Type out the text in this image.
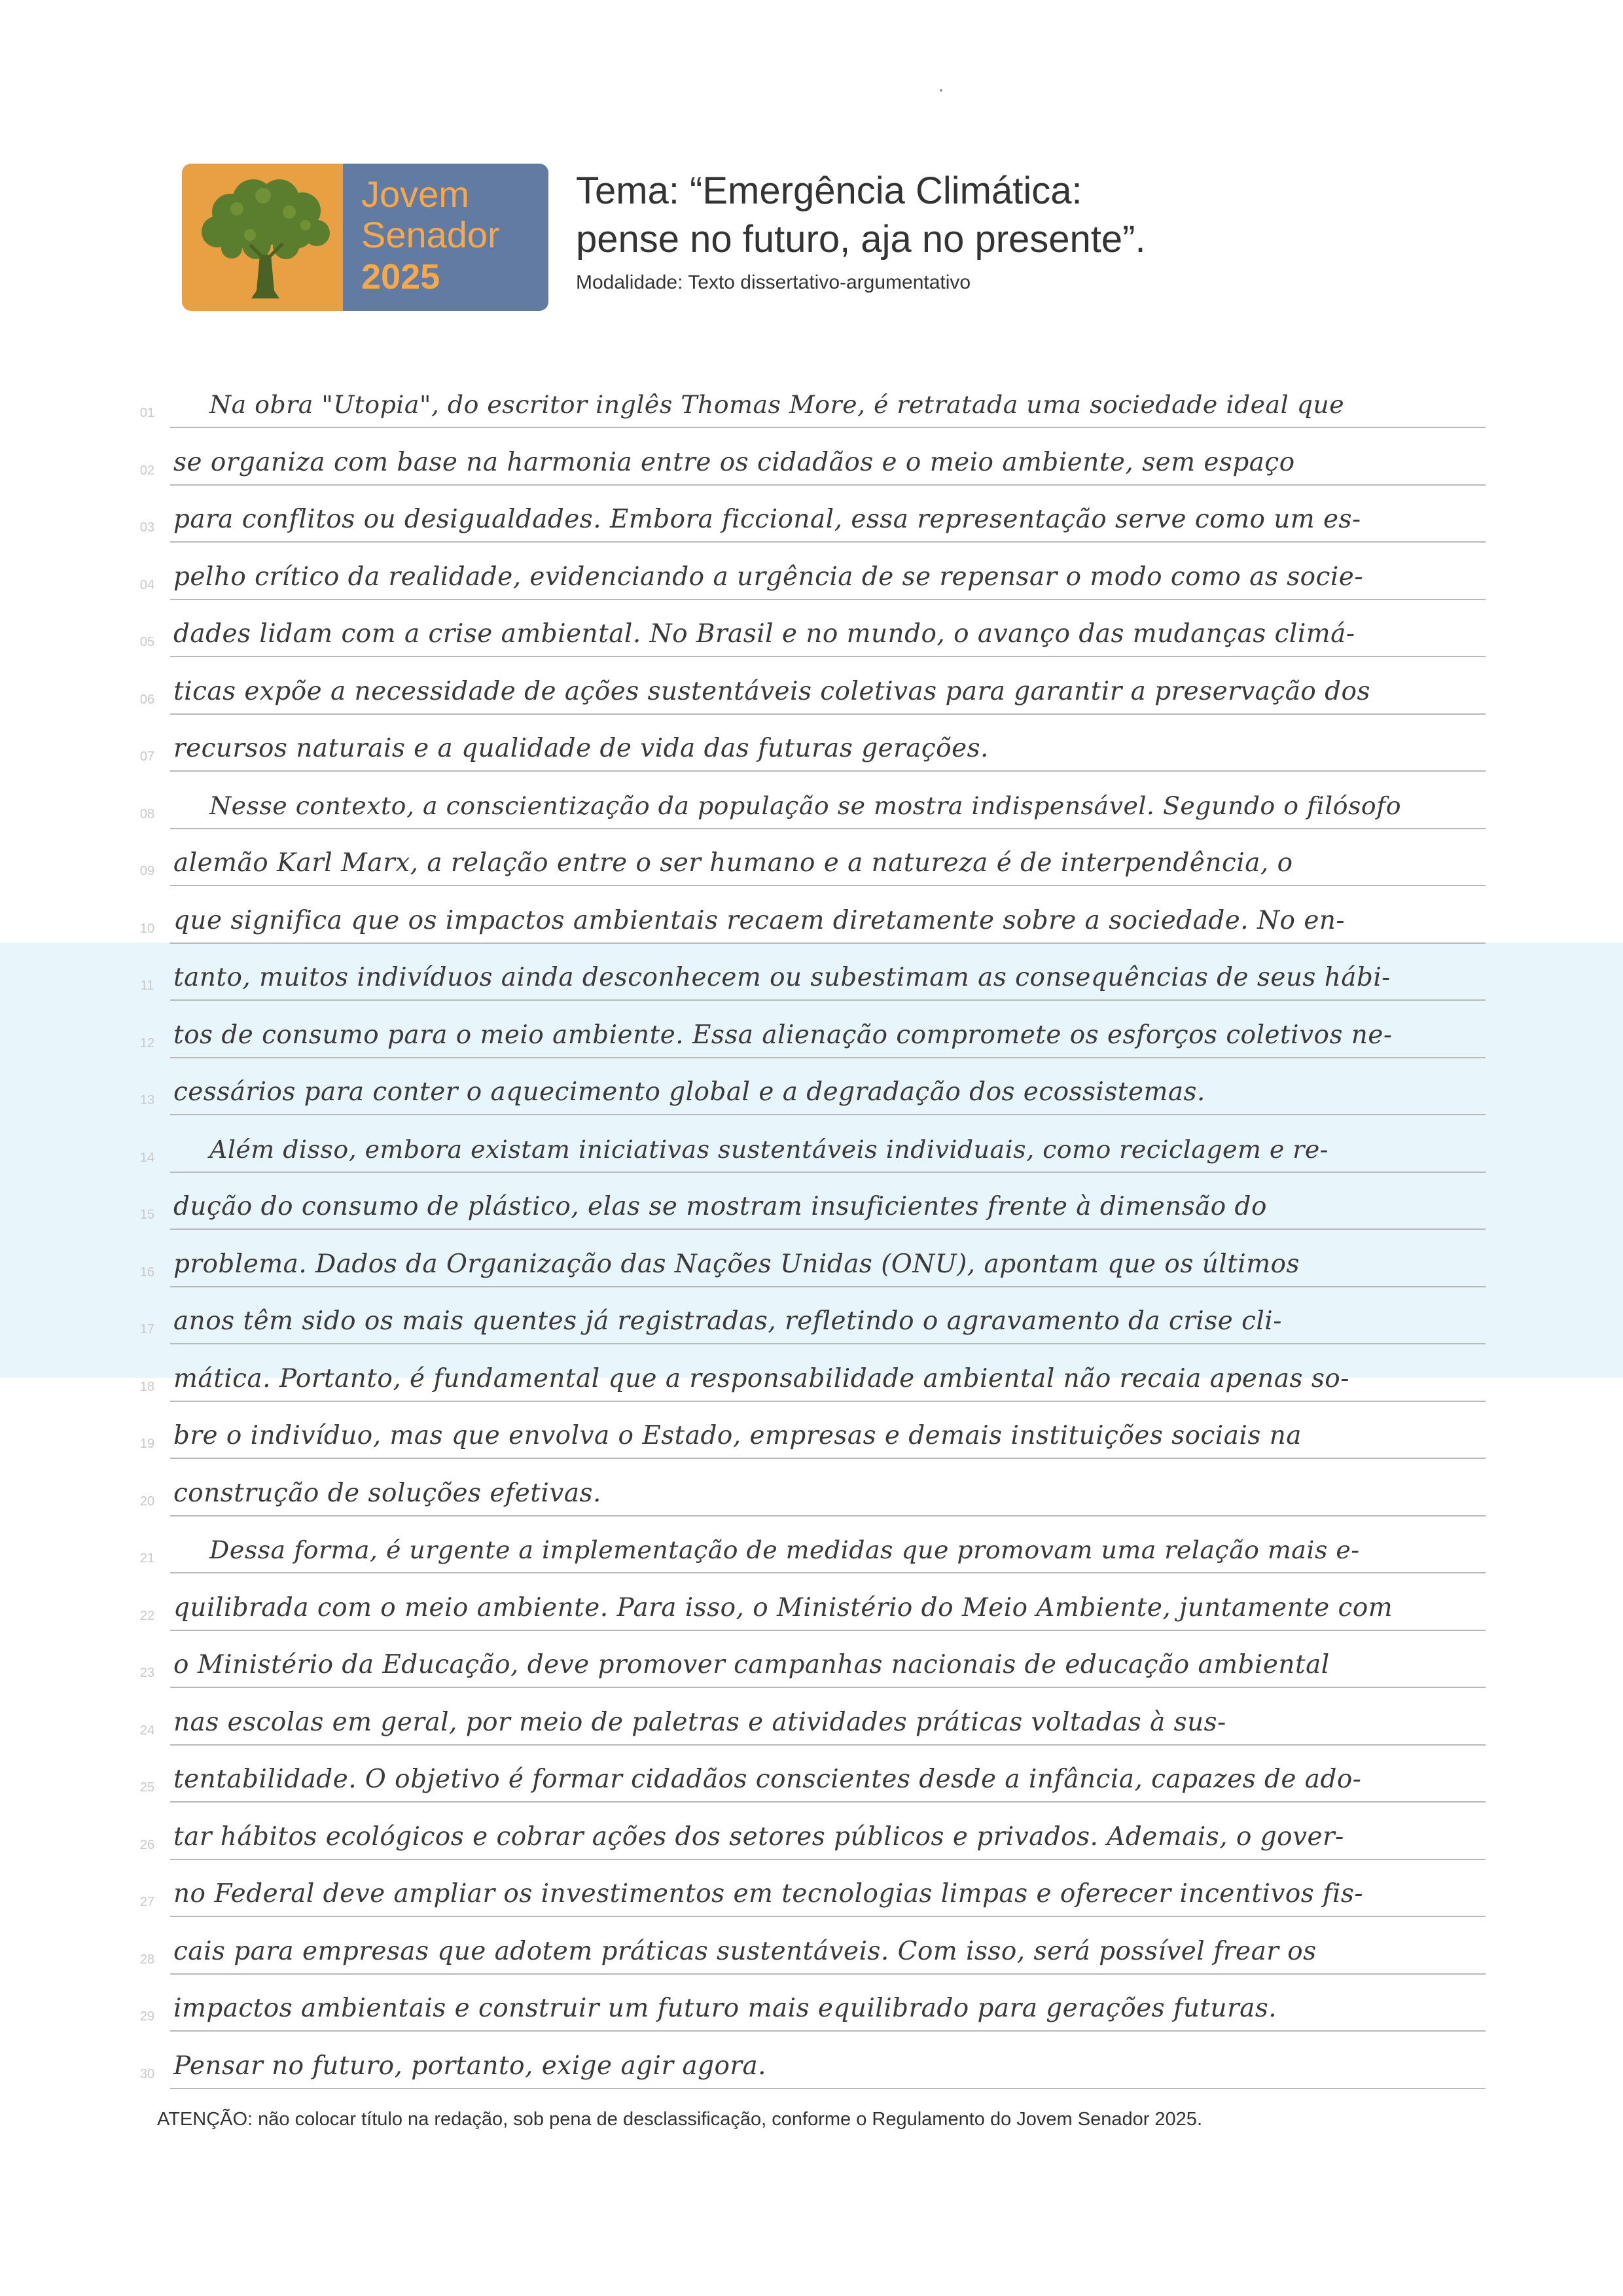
Jovem
Senador
2025
Tema: “Emergência Climática:
pense no futuro, aja no presente”.
Modalidade: Texto dissertativo-argumentativo
01	Na obra "Utopia", do escritor inglês Thomas More, é retratada uma sociedade ideal que
02 se organiza com base na harmonia entre os cidadãos e o meio ambiente, sem espaço
03 para conflitos ou desigualdades. Embora ficcional, essa representação serve como um es-
04 pelho crítico da realidade, evidenciando a urgência de se repensar o modo como as socie-
05 dades lidam com a crise ambiental. No Brasil e no mundo, o avanço das mudanças climá-
06 ticas expõe a necessidade de ações sustentáveis coletivas para garantir a preservação dos
07 recursos naturais e a qualidade de vida das futuras gerações.
08	Nesse contexto, a conscientização da população se mostra indispensável. Segundo o filósofo
09 alemão Karl Marx, a relação entre o ser humano e a natureza é de interpendência, o
10 que significa que os impactos ambientais recaem diretamente sobre a sociedade. No en-
11 tanto, muitos indivíduos ainda desconhecem ou subestimam as consequências de seus hábi-
12 tos de consumo para o meio ambiente. Essa alienação compromete os esforços coletivos ne-
13 cessários para conter o aquecimento global e a degradação dos ecossistemas.
14	Além disso, embora existam iniciativas sustentáveis individuais, como reciclagem e re-
15 dução do consumo de plástico, elas se mostram insuficientes frente à dimensão do
16 problema. Dados da Organização das Nações Unidas (ONU), apontam que os últimos
17 anos têm sido os mais quentes já registradas, refletindo o agravamento da crise cli-
18 mática. Portanto, é fundamental que a responsabilidade ambiental não recaia apenas so-
19 bre o indivíduo, mas que envolva o Estado, empresas e demais instituições sociais na
20 construção de soluções efetivas.
21	Dessa forma, é urgente a implementação de medidas que promovam uma relação mais e-
22 quilibrada com o meio ambiente. Para isso, o Ministério do Meio Ambiente, juntamente com
23 o Ministério da Educação, deve promover campanhas nacionais de educação ambiental
24 nas escolas em geral, por meio de paletras e atividades práticas voltadas à sus-
25 tentabilidade. O objetivo é formar cidadãos conscientes desde a infância, capazes de ado-
26 tar hábitos ecológicos e cobrar ações dos setores públicos e privados. Ademais, o gover-
27 no Federal deve ampliar os investimentos em tecnologias limpas e oferecer incentivos fis-
28 cais para empresas que adotem práticas sustentáveis. Com isso, será possível frear os
29 impactos ambientais e construir um futuro mais equilibrado para gerações futuras.
30 Pensar no futuro, portanto, exige agir agora.
ATENÇÃO: não colocar título na redação, sob pena de desclassificação, conforme o Regulamento do Jovem Senador 2025.
